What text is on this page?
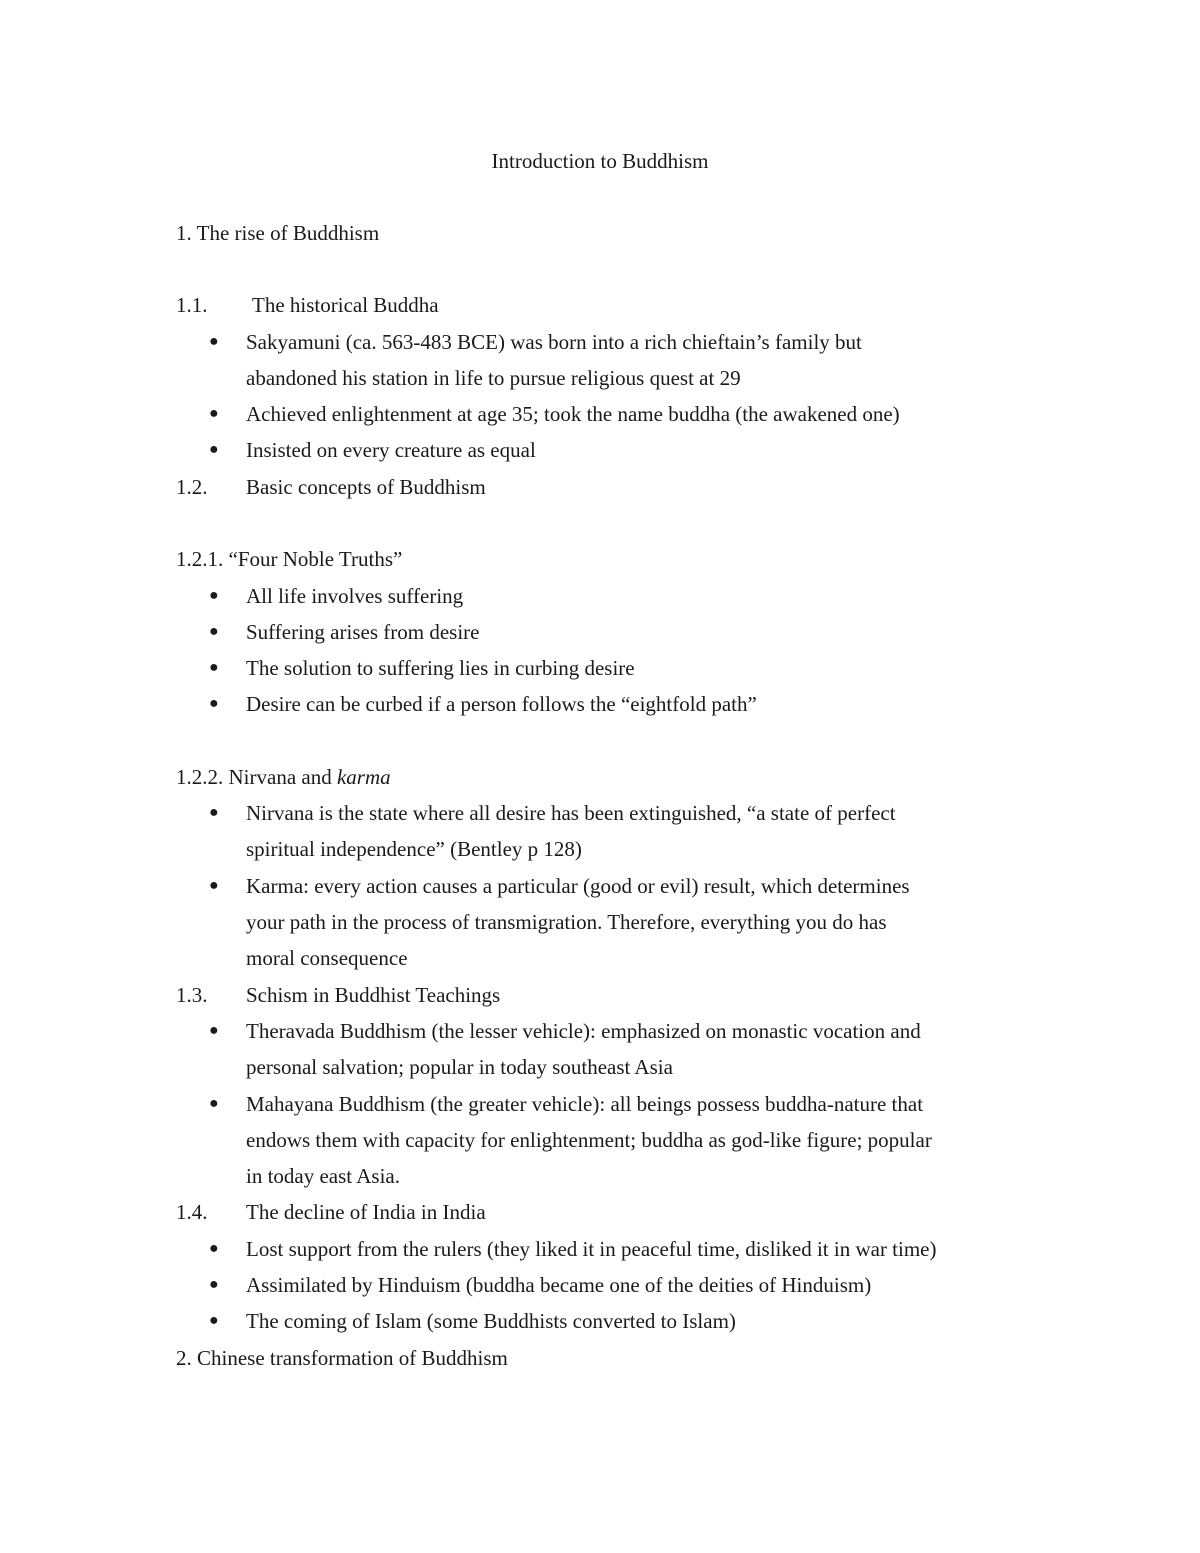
Introduction to Buddhism
1. The rise of Buddhism
1.1. The historical Buddha
● Sakyamuni (ca. 563-483 BCE) was born into a rich chieftain’s family but
abandoned his station in life to pursue religious quest at 29
● Achieved enlightenment at age 35; took the name buddha (the awakened one)
● Insisted on every creature as equal
1.2. Basic concepts of Buddhism
1.2.1. “Four Noble Truths”
● All life involves suffering
● Suffering arises from desire
● The solution to suffering lies in curbing desire
● Desire can be curbed if a person follows the “eightfold path”
1.2.2. Nirvana and karma
● Nirvana is the state where all desire has been extinguished, “a state of perfect
spiritual independence” (Bentley p 128)
● Karma: every action causes a particular (good or evil) result, which determines
your path in the process of transmigration. Therefore, everything you do has
moral consequence
1.3. Schism in Buddhist Teachings
● Theravada Buddhism (the lesser vehicle): emphasized on monastic vocation and
personal salvation; popular in today southeast Asia
● Mahayana Buddhism (the greater vehicle): all beings possess buddha-nature that
endows them with capacity for enlightenment; buddha as god-like figure; popular
in today east Asia.
1.4. The decline of India in India
● Lost support from the rulers (they liked it in peaceful time, disliked it in war time)
● Assimilated by Hinduism (buddha became one of the deities of Hinduism)
● The coming of Islam (some Buddhists converted to Islam)
2. Chinese transformation of Buddhism
